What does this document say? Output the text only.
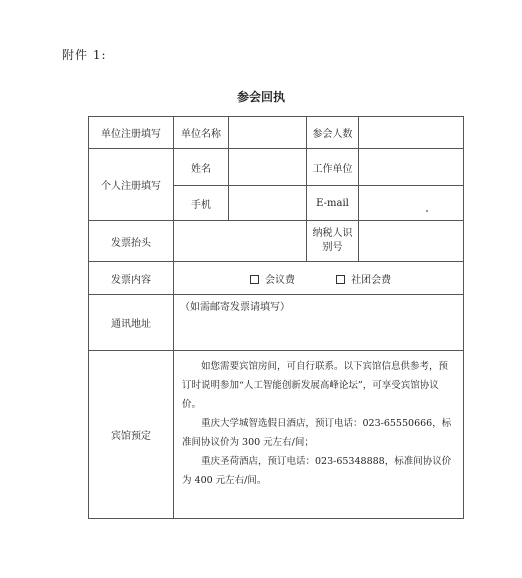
附件 1:
参会回执
单位注册填写	单位名称		参会人数	
个人注册填写	姓名		工作单位	
	手机		E-mail	
发票抬头			纳税人识别号	
发票内容	会议费 社团会费			
通讯地址	（如需邮寄发票请填写）			
宾馆预定	如您需要宾馆房间，可自行联系。以下宾馆信息供参考，预订时说明参加“人工智能创新发展高峰论坛”，可享受宾馆协议价。

重庆大学城智选假日酒店，预订电话：023-65550666，标准间协议价为 300 元左右/间；

重庆圣荷酒店，预订电话：023-65348888，标准间协议价为 400 元左右/间。			
